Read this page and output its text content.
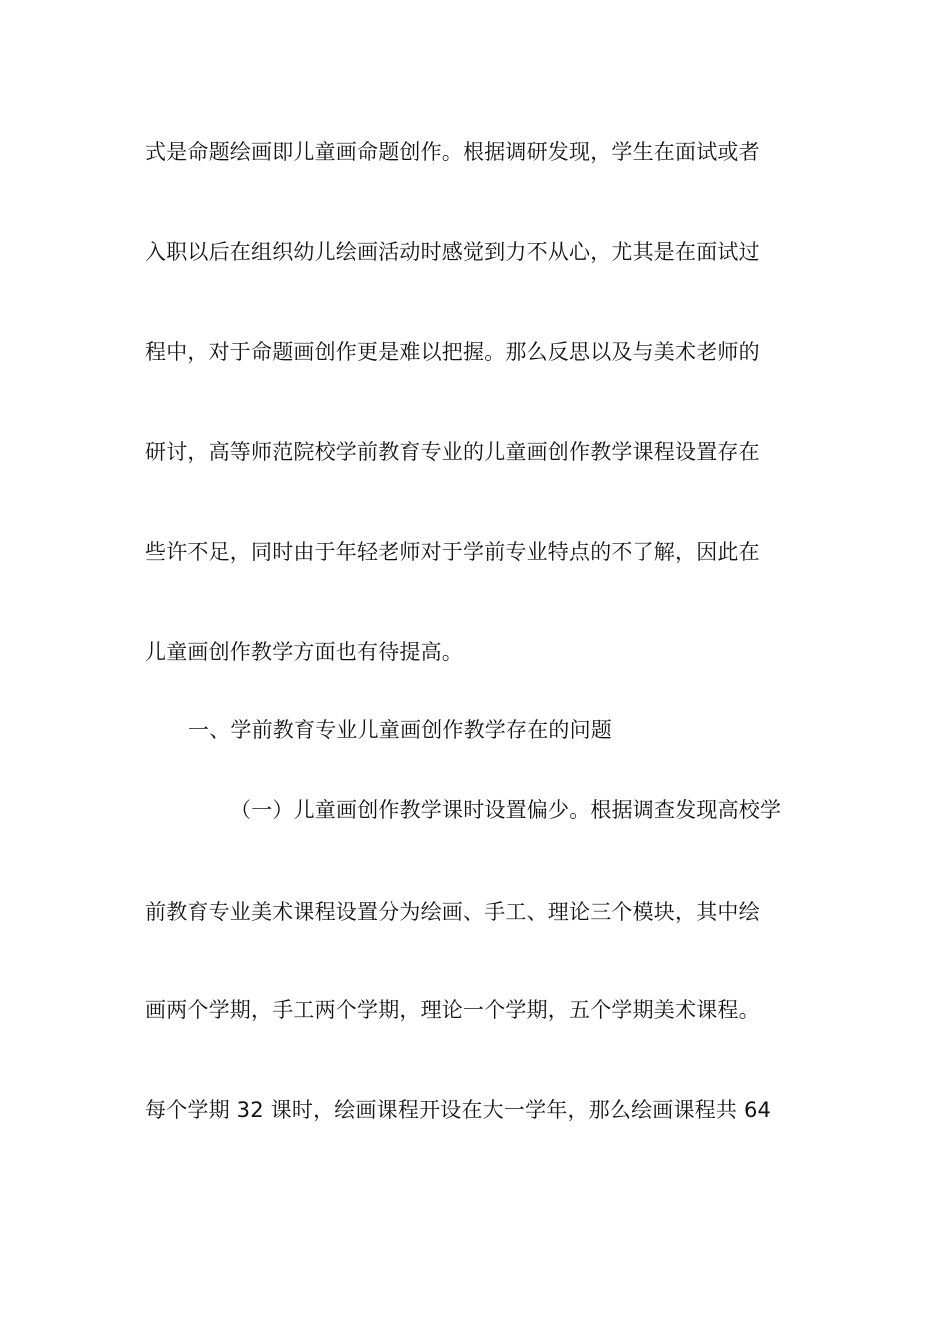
式是命题绘画即儿童画命题创作。根据调研发现，学生在面试或者
入职以后在组织幼儿绘画活动时感觉到力不从心，尤其是在面试过
程中，对于命题画创作更是难以把握。那么反思以及与美术老师的
研讨，高等师范院校学前教育专业的儿童画创作教学课程设置存在
些许不足，同时由于年轻老师对于学前专业特点的不了解，因此在
儿童画创作教学方面也有待提高。
一、学前教育专业儿童画创作教学存在的问题
（一）儿童画创作教学课时设置偏少。根据调查发现高校学
前教育专业美术课程设置分为绘画、手工、理论三个模块，其中绘
画两个学期，手工两个学期，理论一个学期，五个学期美术课程。
每个学期 32 课时，绘画课程开设在大一学年，那么绘画课程共 64
